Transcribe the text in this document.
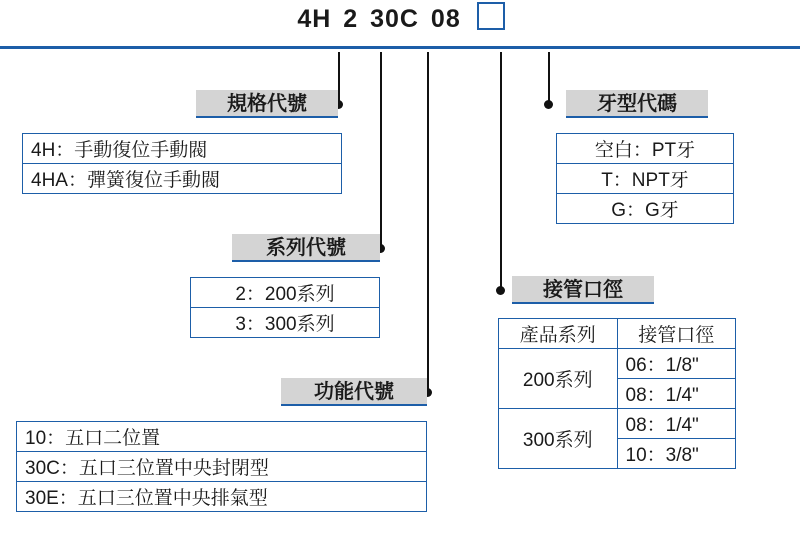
4H 2 30C 08
規格代號
4H：手動復位手動閥
4HA：彈簧復位手動閥
系列代號
2：200系列
3：300系列
功能代號
10：五口二位置
30C：五口三位置中央封閉型
30E：五口三位置中央排氣型
牙型代碼
空白：PT牙
T：NPT牙
G：G牙
接管口徑
產品系列	接管口徑
200系列	06：1/8"
	08：1/4"
300系列	08：1/4"
	10：3/8"
